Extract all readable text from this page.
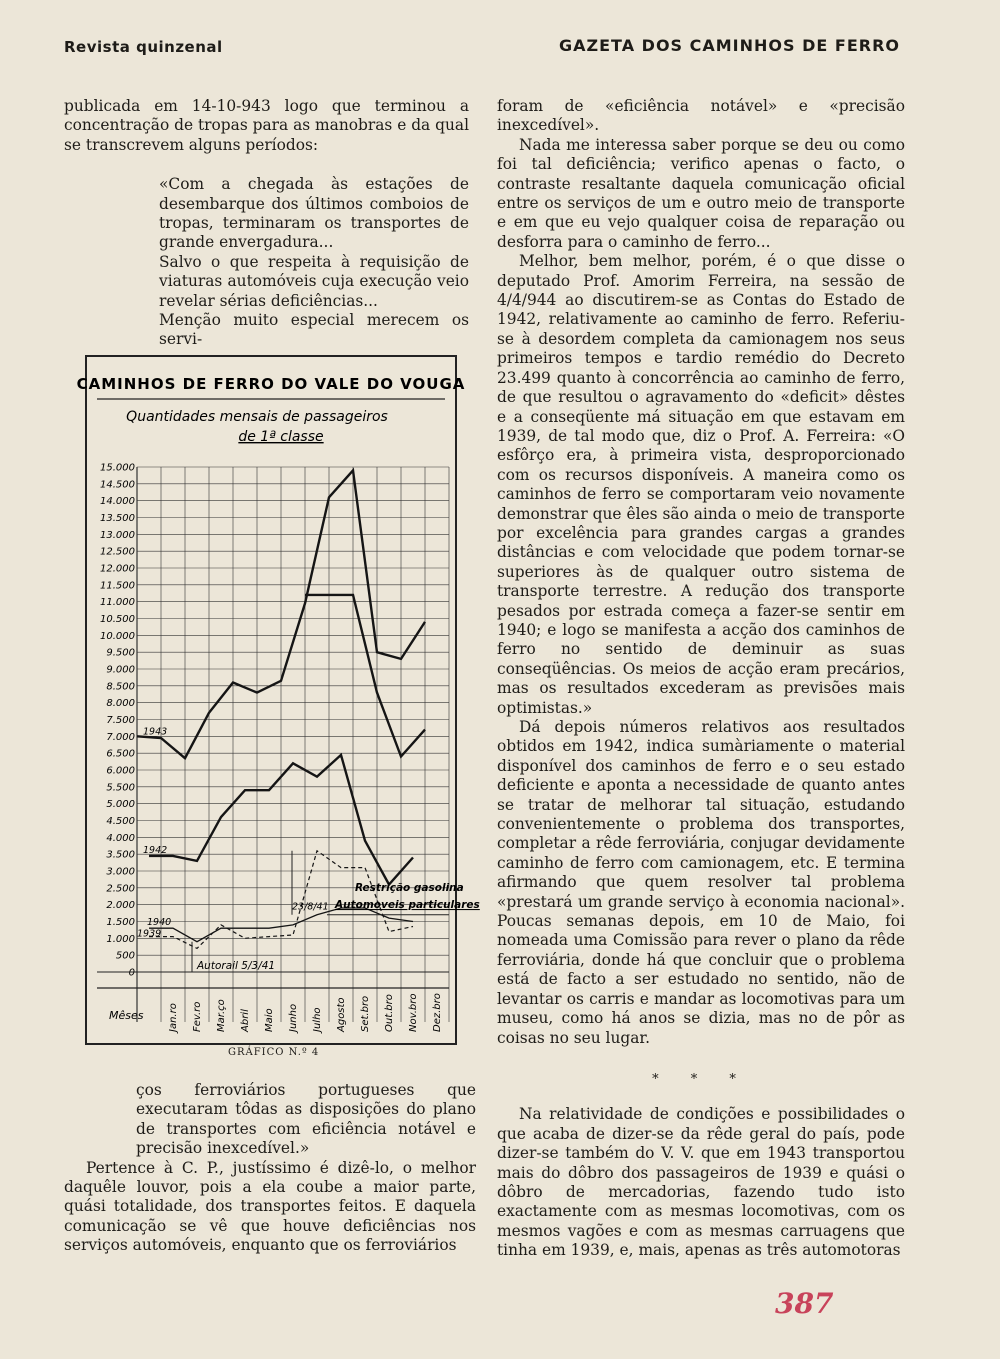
Revista quinzenal	GAZETA DOS CAMINHOS DE FERRO

publicada em 14-10-943 logo que terminou a concentração de tropas para as manobras e da qual se transcrevem alguns períodos:

«Com a chegada às estações de desembarque dos últimos comboios de tropas, terminaram os transportes de grande envergadura...

Salvo o que respeita à requisição de viaturas automóveis cuja execução veio revelar sérias deficiências...

Menção muito especial merecem os servi-

CAMINHOS DE FERRO DO VALE DO VOUGA
Quantidades mensais de passageiros
de 1ª classe
0
500
1.000
1.500
2.000
2.500
3.000
3.500
4.000
4.500
5.000
5.500
6.000
6.500
7.000
7.500
8.000
8.500
9.000
9.500
10.000
10.500
11.000
11.500
12.000
12.500
13.000
13.500
14.000
14.500
15.000
Mêses Jan.ro Fev.ro Mar.ço Abril Maio Junho Julho Agosto Set.bro Out.bro Nov.bro Dez.bro
1943
1942
1940
1939
Restrição gasolina
Automoveis particulares
23/8/41
Autorail 5/3/41
GRÁFICO N.º 4

ços ferroviários portugueses que executaram tôdas as disposições do plano de transportes com eficiência notável e precisão inexcedível.»

Pertence à C. P., justíssimo é dizê-lo, o melhor daquêle louvor, pois a ela coube a maior parte, quási totalidade, dos transportes feitos. E daquela comunicação se vê que houve deficiências nos serviços automóveis, enquanto que os ferroviários

foram de «eficiência notável» e «precisão inexcedível».

Nada me interessa saber porque se deu ou como foi tal deficiência; verifico apenas o facto, o contraste resaltante daquela comunicação oficial entre os serviços de um e outro meio de transporte e em que eu vejo qualquer coisa de reparação ou desforra para o caminho de ferro...

Melhor, bem melhor, porém, é o que disse o deputado Prof. Amorim Ferreira, na sessão de 4/4/944 ao discutirem-se as Contas do Estado de 1942, relativamente ao caminho de ferro. Referiu-se à desordem completa da camionagem nos seus primeiros tempos e tardio remédio do Decreto 23.499 quanto à concorrência ao caminho de ferro, de que resultou o agravamento do «deficit» dêstes e a conseqüente má situação em que estavam em 1939, de tal modo que, diz o Prof. A. Ferreira: «O esfôrço era, à primeira vista, desproporcionado com os recursos disponíveis. A maneira como os caminhos de ferro se comportaram veio novamente demonstrar que êles são ainda o meio de transporte por excelência para grandes cargas a grandes distâncias e com velocidade que podem tornar-se superiores às de qualquer outro sistema de transporte terrestre. A redução dos transporte pesados por estrada começa a fazer-se sentir em 1940; e logo se manifesta a acção dos caminhos de ferro no sentido de deminuir as suas conseqüências. Os meios de acção eram precários, mas os resultados excederam as previsões mais optimistas.»

Dá depois números relativos aos resultados obtidos em 1942, indica sumàriamente o material disponível dos caminhos de ferro e o seu estado deficiente e aponta a necessidade de quanto antes se tratar de melhorar tal situação, estudando convenientemente o problema dos transportes, completar a rêde ferroviária, conjugar devidamente caminho de ferro com camionagem, etc. E termina afirmando que quem resolver tal problema «prestará um grande serviço à economia nacional». Poucas semanas depois, em 10 de Maio, foi nomeada uma Comissão para rever o plano da rêde ferroviária, donde há que concluir que o problema está de facto a ser estudado no sentido, não de levantar os carris e mandar as locomotivas para um museu, como há anos se dizia, mas no de pôr as coisas no seu lugar.

* * *

Na relatividade de condições e possibilidades o que acaba de dizer-se da rêde geral do país, pode dizer-se também do V. V. que em 1943 transportou mais do dôbro dos passageiros de 1939 e quási o dôbro de mercadorias, fazendo tudo isto exactamente com as mesmas locomotivas, com os mesmos vagões e com as mesmas carruagens que tinha em 1939, e, mais, apenas as três automotoras

387
